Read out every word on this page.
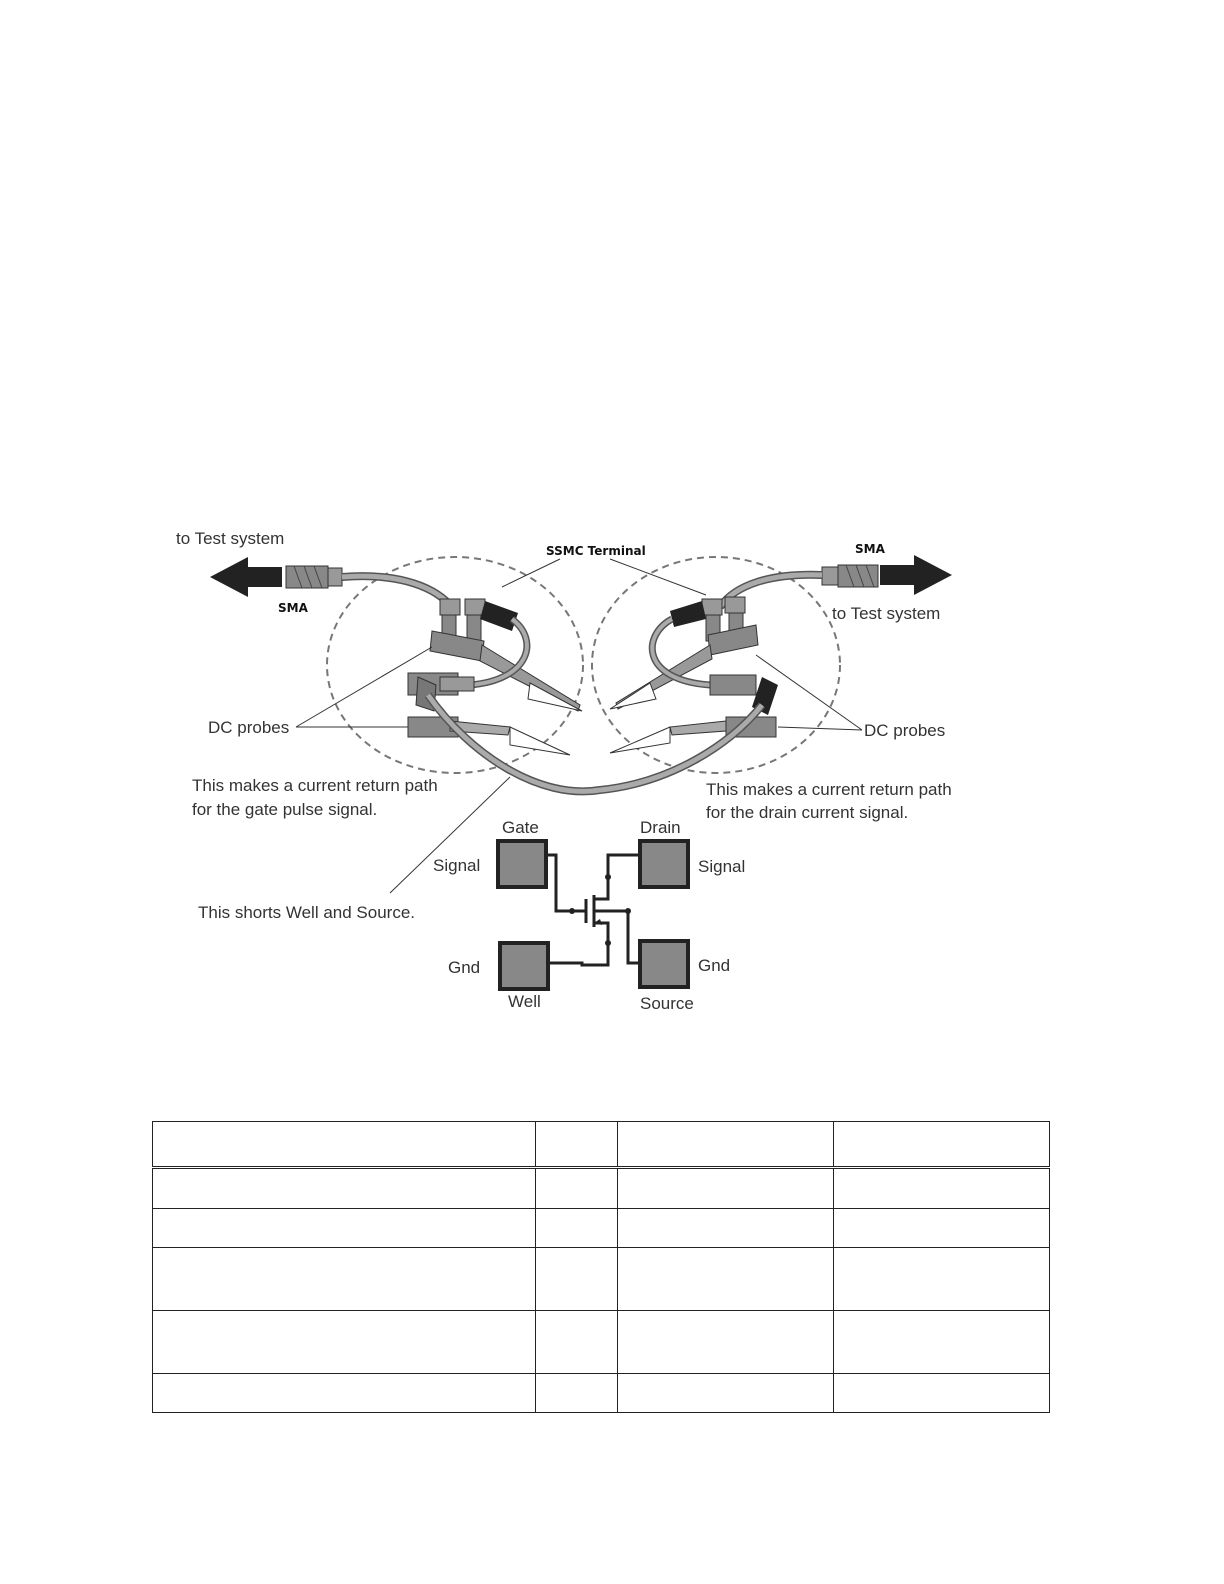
to Test system
SMA
SSMC Terminal	SMA
to Test system
DC probes	DC probes
This makes a current return path
for the gate pulse signal.
This makes a current return path
for the drain current signal.
This shorts Well and Source.
Gate	Drain
Signal	Signal
Gnd	Gnd
Well	Source
